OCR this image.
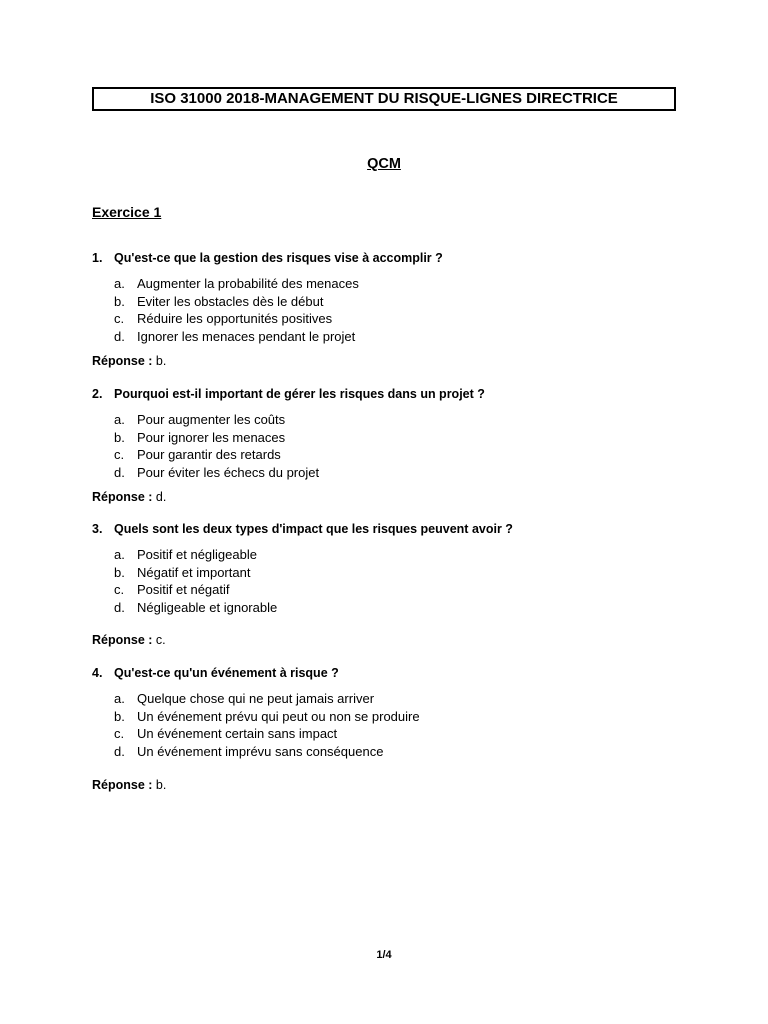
ISO 31000 2018-MANAGEMENT DU RISQUE-LIGNES DIRECTRICE
QCM
Exercice 1
1. Qu'est-ce que la gestion des risques vise à accomplir ?
a. Augmenter la probabilité des menaces
b. Eviter les obstacles dès le début
c. Réduire les opportunités positives
d. Ignorer les menaces pendant le projet
Réponse : b.
2. Pourquoi est-il important de gérer les risques dans un projet ?
a. Pour augmenter les coûts
b. Pour ignorer les menaces
c. Pour garantir des retards
d. Pour éviter les échecs du projet
Réponse : d.
3. Quels sont les deux types d'impact que les risques peuvent avoir ?
a. Positif et négligeable
b. Négatif et important
c. Positif et négatif
d. Négligeable et ignorable
Réponse : c.
4. Qu'est-ce qu'un événement à risque ?
a. Quelque chose qui ne peut jamais arriver
b. Un événement prévu qui peut ou non se produire
c. Un événement certain sans impact
d. Un événement imprévu sans conséquence
Réponse : b.
1/4
